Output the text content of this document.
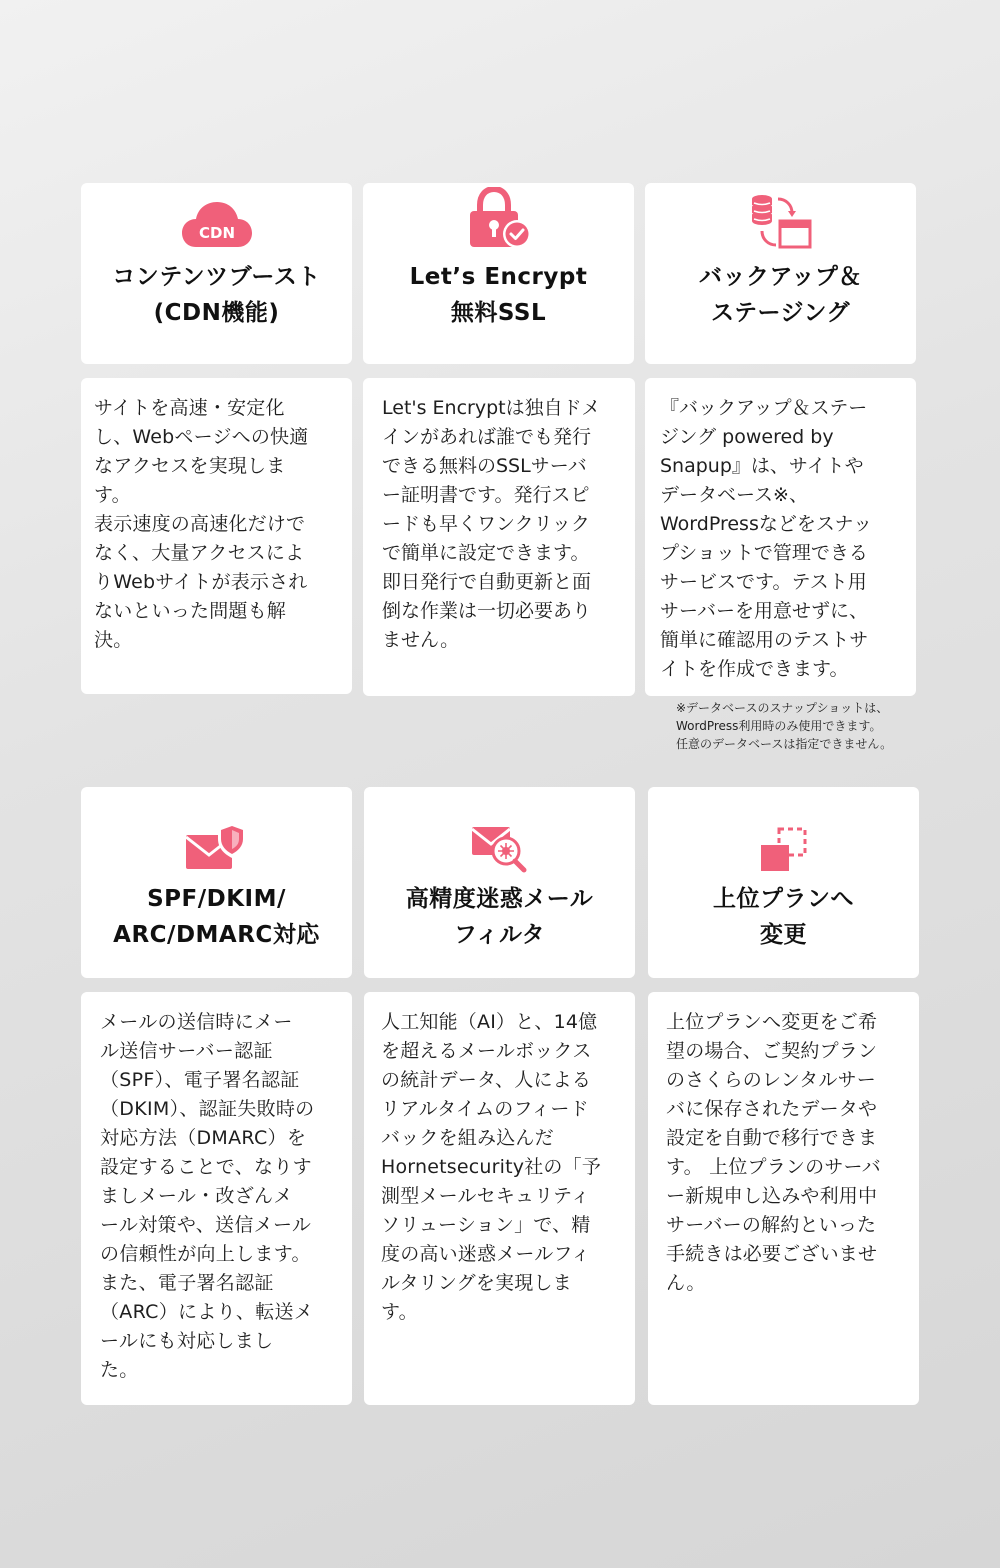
CDN
コンテンツブースト
(CDN機能)
Let’s Encrypt
無料SSL
バックアップ＆
ステージング
サイトを高速・安定化
し、Webページへの快適
なアクセスを実現しま
す。
表示速度の高速化だけで
なく、大量アクセスによ
りWebサイトが表示され
ないといった問題も解
決。
Let's Encryptは独自ドメ
インがあれば誰でも発行
できる無料のSSLサーバ
ー証明書です。発行スピ
ードも早くワンクリック
で簡単に設定できます。
即日発行で自動更新と面
倒な作業は一切必要あり
ません。
『バックアップ＆ステー
ジング powered by
Snapup』は、サイトや
データベース※、
WordPressなどをスナッ
プショットで管理できる
サービスです。テスト用
サーバーを用意せずに、
簡単に確認用のテストサ
イトを作成できます。
※データベースのスナップショットは、
WordPress利用時のみ使用できます。
任意のデータベースは指定できません。
SPF/DKIM/
ARC/DMARC対応
高精度迷惑メール
フィルタ
上位プランへ
変更
メールの送信時にメー
ル送信サーバー認証
（SPF）、電子署名認証
（DKIM）、認証失敗時の
対応方法（DMARC）を
設定することで、なりす
ましメール・改ざんメ
ール対策や、送信メール
の信頼性が向上します。
また、電子署名認証
（ARC）により、転送メ
ールにも対応しまし
た。
人工知能（AI）と、14億
を超えるメールボックス
の統計データ、人による
リアルタイムのフィード
バックを組み込んだ
Hornetsecurity社の「予
測型メールセキュリティ
ソリューション」で、精
度の高い迷惑メールフィ
ルタリングを実現しま
す。
上位プランへ変更をご希
望の場合、ご契約プラン
のさくらのレンタルサー
バに保存されたデータや
設定を自動で移行できま
す。 上位プランのサーバ
ー新規申し込みや利用中
サーバーの解約といった
手続きは必要ございませ
ん。
